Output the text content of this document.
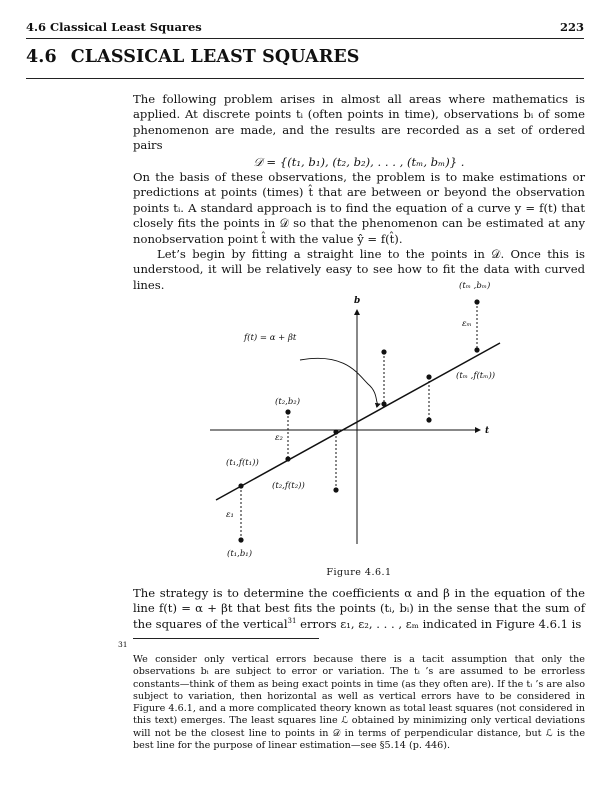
4.6 Classical Least Squares	223
4.6 CLASSICAL LEAST SQUARES

The following problem arises in almost all areas where mathematics is applied. At discrete points tᵢ (often points in time), observations bᵢ of some phenomenon are made, and the results are recorded as a set of ordered pairs

𝒟 = {(t₁, b₁), (t₂, b₂), . . . , (tₘ, bₘ)} .

On the basis of these observations, the problem is to make estimations or predictions at points (times) t̂ that are between or beyond the observation points tᵢ. A standard approach is to find the equation of a curve y = f(t) that closely fits the points in 𝒟 so that the phenomenon can be estimated at any nonobservation point t̂ with the value ŷ = f(t̂).

Let’s begin by fitting a straight line to the points in 𝒟. Once this is understood, it will be relatively easy to see how to fit the data with curved lines.

b
t
f(t) = α + βt
(tₘ ,bₘ)
εₘ
(tₘ ,f(tₘ))
(t₂,b₂)
ε₂
(t₁,f(t₁))
(t₂,f(t₂))
ε₁
(t₁,b₁)
Figure 4.6.1
The strategy is to determine the coefficients α and β in the equation of the line f(t) = α + βt that best fits the points (tᵢ, bᵢ) in the sense that the sum of the squares of the vertical$^{31}$ errors ε₁, ε₂, . . . , εₘ indicated in Figure 4.6.1 is
31
We consider only vertical errors because there is a tacit assumption that only the observations bᵢ are subject to error or variation. The tᵢ ’s are assumed to be errorless constants—think of them as being exact points in time (as they often are). If the tᵢ ’s are also subject to variation, then horizontal as well as vertical errors have to be considered in Figure 4.6.1, and a more complicated theory known as total least squares (not considered in this text) emerges. The least squares line ℒ obtained by minimizing only vertical deviations will not be the closest line to points in 𝒟 in terms of perpendicular distance, but ℒ is the best line for the purpose of linear estimation—see §5.14 (p. 446).
